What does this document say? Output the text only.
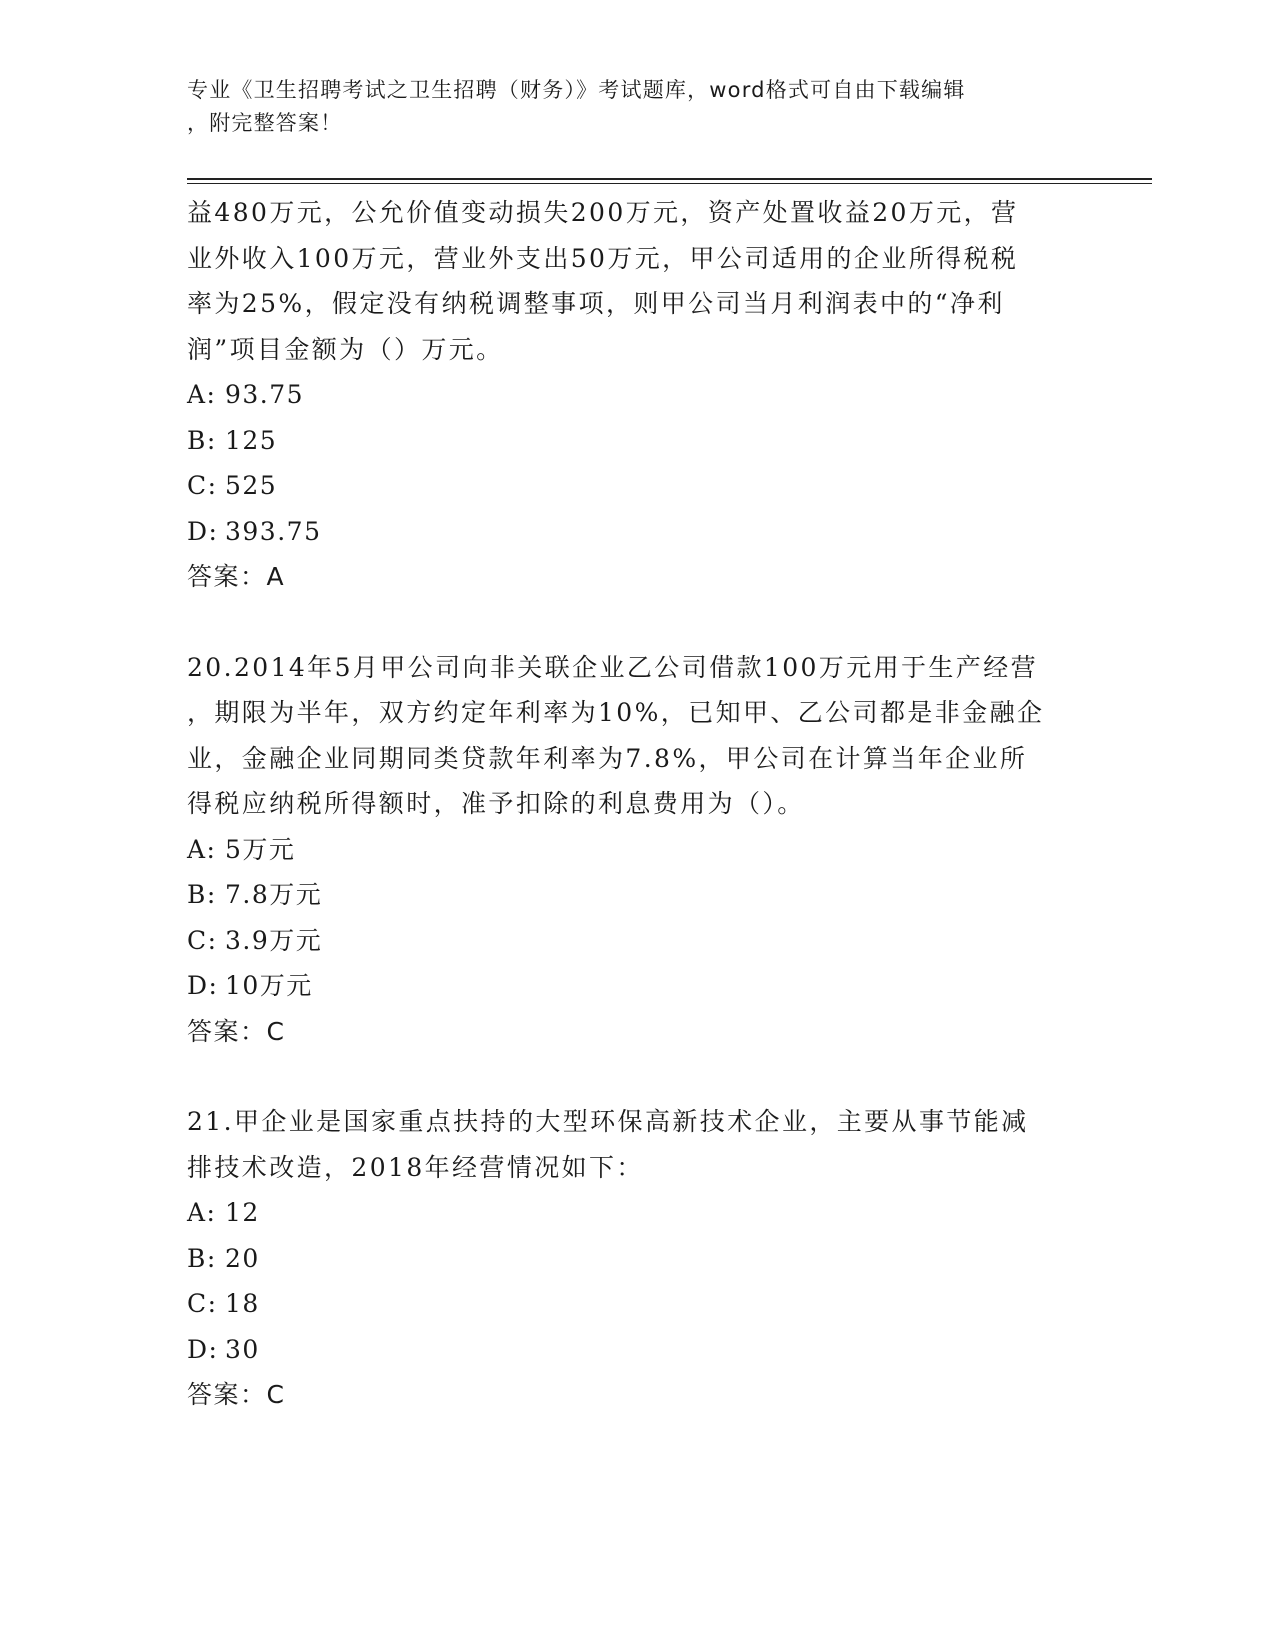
专业《卫生招聘考试之卫生招聘（财务）》考试题库，word格式可自由下载编辑
，附完整答案！

益480万元，公允价值变动损失200万元，资产处置收益20万元，营
业外收入100万元，营业外支出50万元，甲公司适用的企业所得税税
率为25%，假定没有纳税调整事项，则甲公司当月利润表中的“净利
润”项目金额为（）万元。

A: 93.75

B: 125

C: 525

D: 393.75

答案：A

20.2014年5月甲公司向非关联企业乙公司借款100万元用于生产经营
，期限为半年，双方约定年利率为10%，已知甲、乙公司都是非金融企
业，金融企业同期同类贷款年利率为7.8%，甲公司在计算当年企业所
得税应纳税所得额时，准予扣除的利息费用为（）。

A: 5万元

B: 7.8万元

C: 3.9万元

D: 10万元

答案：C

21.甲企业是国家重点扶持的大型环保高新技术企业，主要从事节能减
排技术改造，2018年经营情况如下：

A: 12

B: 20

C: 18

D: 30

答案：C
